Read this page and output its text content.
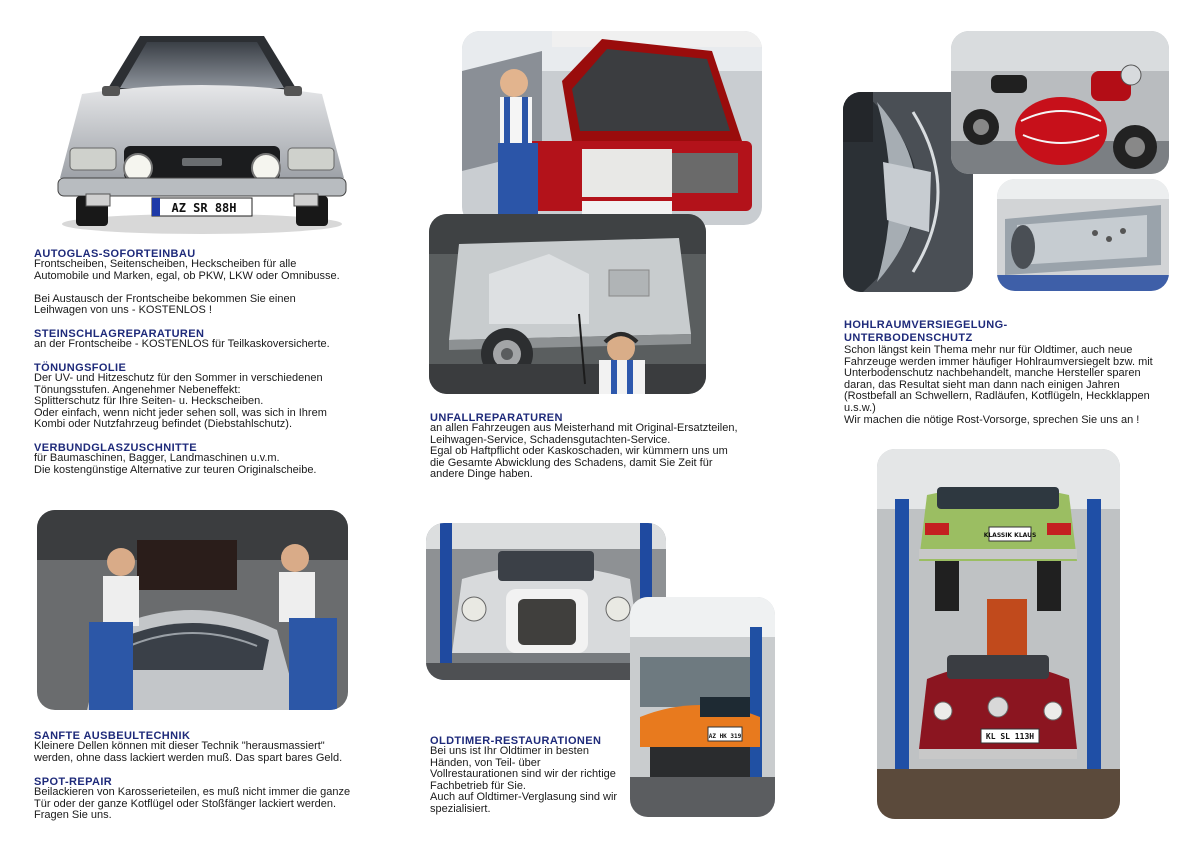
AZ SR 88H
AZ HK 319
KLASSIK KLAUS
KL SL 113H
AUTOGLAS-SOFORTEINBAU
Frontscheiben, Seitenscheiben, Heckscheiben für alle
Automobile und Marken, egal, ob PKW, LKW oder Omnibusse.
Bei Austausch der Frontscheibe bekommen Sie einen
Leihwagen von uns - KOSTENLOS !
STEINSCHLAGREPARATUREN
an der Frontscheibe - KOSTENLOS für Teilkaskoversicherte.
TÖNUNGSFOLIE
Der UV- und Hitzeschutz für den Sommer in verschiedenen
Tönungsstufen. Angenehmer Nebeneffekt:
Splitterschutz für Ihre Seiten- u. Heckscheiben.
Oder einfach, wenn nicht jeder sehen soll, was sich in Ihrem
Kombi oder Nutzfahrzeug befindet (Diebstahlschutz).
VERBUNDGLASZUSCHNITTE
für Baumaschinen, Bagger, Landmaschinen u.v.m.
Die kostengünstige Alternative zur teuren Originalscheibe.
SANFTE AUSBEULTECHNIK
Kleinere Dellen können mit dieser Technik "herausmassiert"
werden, ohne dass lackiert werden muß. Das spart bares Geld.
SPOT-REPAIR
Beilackieren von Karosserieteilen, es muß nicht immer die ganze
Tür oder der ganze Kotflügel oder Stoßfänger lackiert werden.
Fragen Sie uns.
UNFALLREPARATUREN
an allen Fahrzeugen aus Meisterhand mit Original-Ersatzteilen,
Leihwagen-Service, Schadensgutachten-Service.
Egal ob Haftpflicht oder Kaskoschaden, wir kümmern uns um
die Gesamte Abwicklung des Schadens, damit Sie Zeit für
andere Dinge haben.
OLDTIMER-RESTAURATIONEN
Bei uns ist Ihr Oldtimer in besten
Händen, von Teil- über
Vollrestaurationen sind wir der richtige
Fachbetrieb für Sie.
Auch auf Oldtimer-Verglasung sind wir
spezialisiert.
HOHLRAUMVERSIEGELUNG-
UNTERBODENSCHUTZ
Schon längst kein Thema mehr nur für Oldtimer, auch neue
Fahrzeuge werden immer häufiger Hohlraumversiegelt bzw. mit
Unterbodenschutz nachbehandelt, manche Hersteller sparen
daran, das Resultat sieht man dann nach einigen Jahren
(Rostbefall an Schwellern, Radläufen, Kotflügeln, Heckklappen
u.s.w.)
Wir machen die nötige Rost-Vorsorge, sprechen Sie uns an !
